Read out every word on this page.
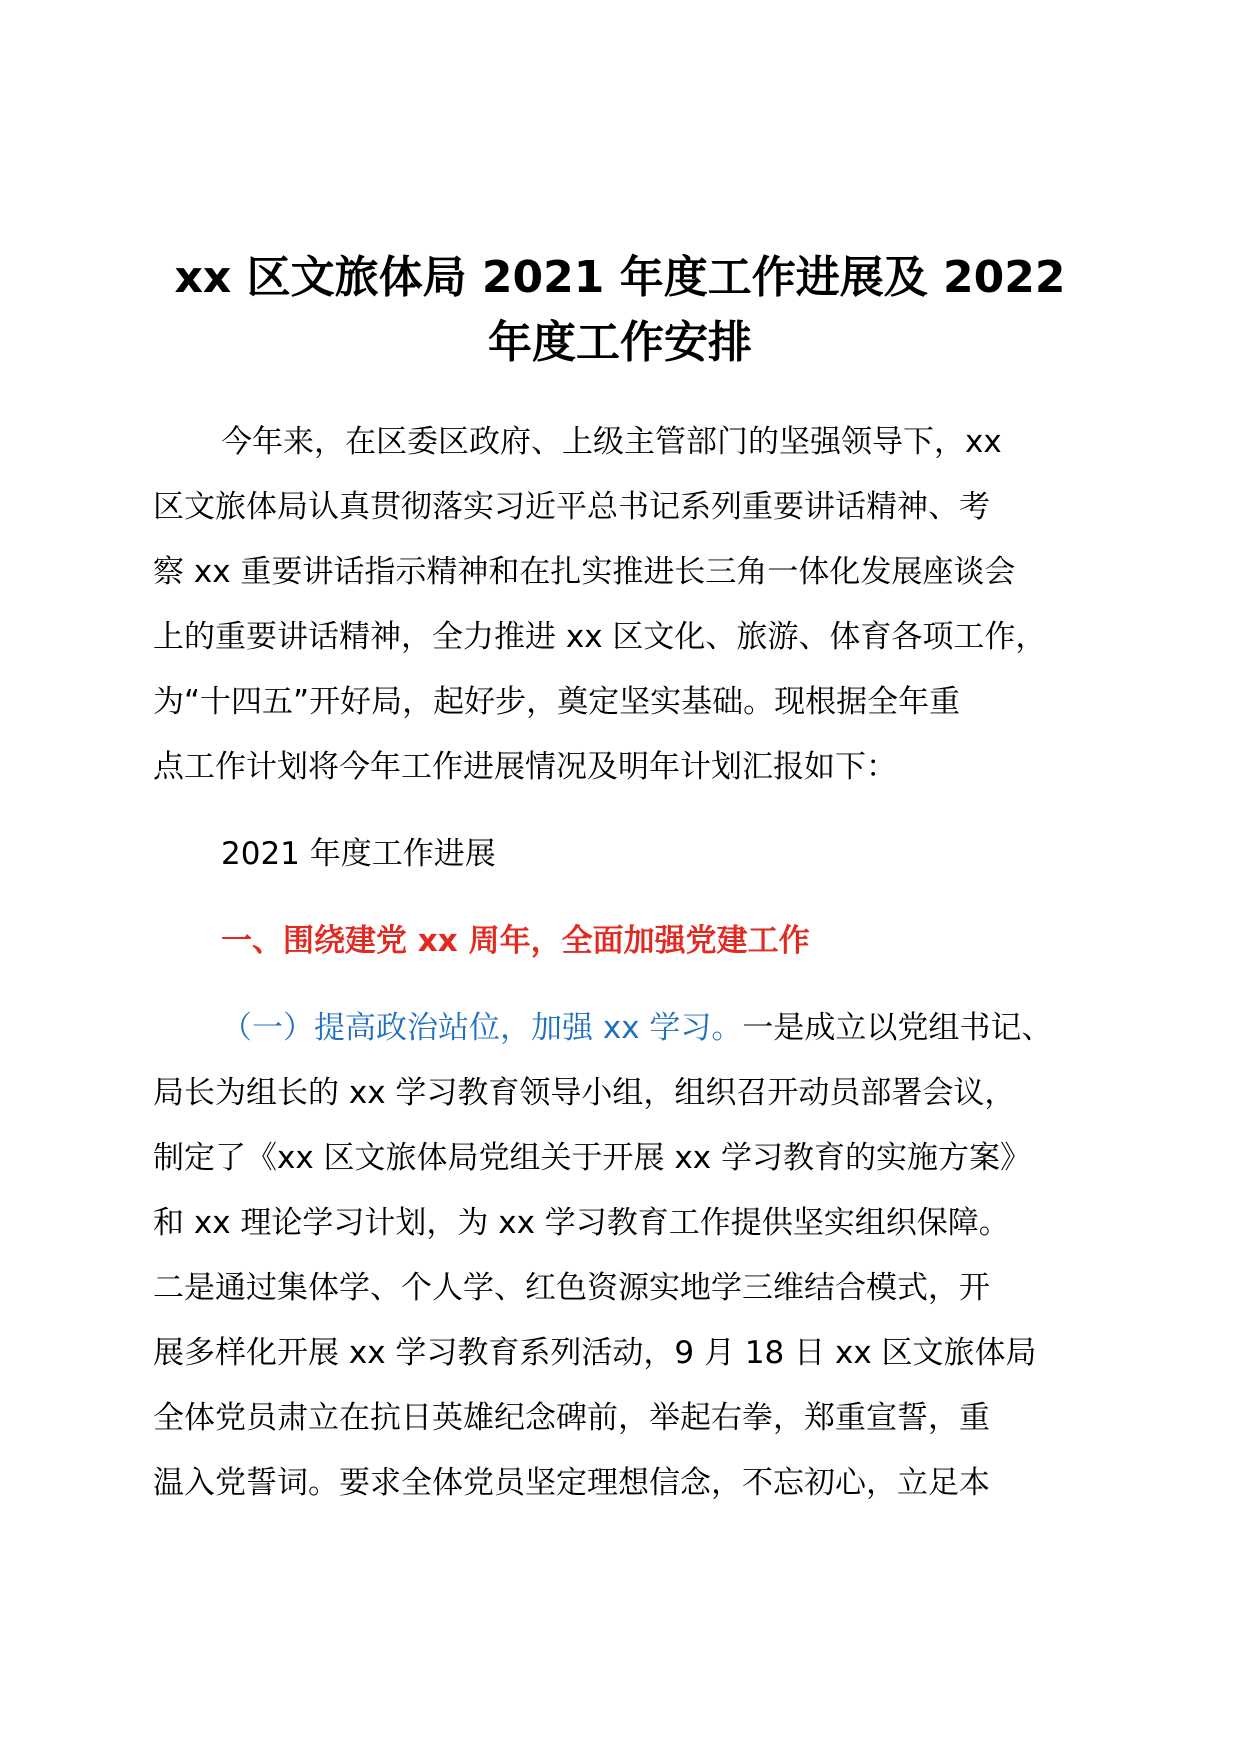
xx 区文旅体局 2021 年度工作进展及 2022
年度工作安排
今年来，在区委区政府、上级主管部门的坚强领导下，xx
区文旅体局认真贯彻落实习近平总书记系列重要讲话精神、考
察 xx 重要讲话指示精神和在扎实推进长三角一体化发展座谈会
上的重要讲话精神，全力推进 xx 区文化、旅游、体育各项工作，
为“十四五”开好局，起好步，奠定坚实基础。现根据全年重
点工作计划将今年工作进展情况及明年计划汇报如下：
2021 年度工作进展
一、围绕建党 xx 周年，全面加强党建工作
（一）提高政治站位，加强 xx 学习。一是成立以党组书记、
局长为组长的 xx 学习教育领导小组，组织召开动员部署会议，
制定了《xx 区文旅体局党组关于开展 xx 学习教育的实施方案》
和 xx 理论学习计划，为 xx 学习教育工作提供坚实组织保障。
二是通过集体学、个人学、红色资源实地学三维结合模式，开
展多样化开展 xx 学习教育系列活动，9 月 18 日 xx 区文旅体局
全体党员肃立在抗日英雄纪念碑前，举起右拳，郑重宣誓，重
温入党誓词。要求全体党员坚定理想信念，不忘初心，立足本
